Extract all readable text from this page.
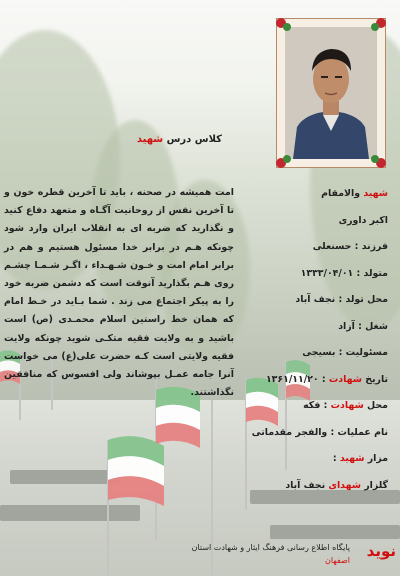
کلاس درس شهید
امت همیشه در صحنه ، باید تا آخرین قطره خون و تا آخرین نفس از روحانیت آگـاه و متعهد دفاع کنید و نگذارید که ضربه ای به انقلاب ایران وارد شود چونکه هـم در برابر خدا مسئول هستیم و هم در برابر امام امت و خـون شـهـداء ، اگـر شـمـا چشـم روی هـم بگذارید آنوقت است که دشمن ضربه خود را به پیکر اجتماع می زند . شما بـاید در خـط امام که همان خط راستین اسلام محمـدی (ص) است باشید و به ولایت فقیه متکـی شوید چونکه ولایت فقیه ولایتی است کـه حضرت علی(ع) می خواست آنرا جامه عمـل بپوشاند ولی افسوس که منافقین نگذاشتند.
شهید والامقام
اکبر داوری
فرزند : حسنعلی
متولد : ۱۳۳۳/۰۴/۰۱
محل تولد : نجف آباد
شغل : آزاد
مسئولیت : بسیجی
تاریخ شهادت : ۱۳۶۱/۱۱/۲۰
محل شهادت : فکه
نام عملیات : والفجر مقدماتی
مزار شهید :
گلزار شهدای نجف آباد
نوید
پایگاه اطلاع رسانی فرهنگ ایثار و شهادت استان
اصفهان
